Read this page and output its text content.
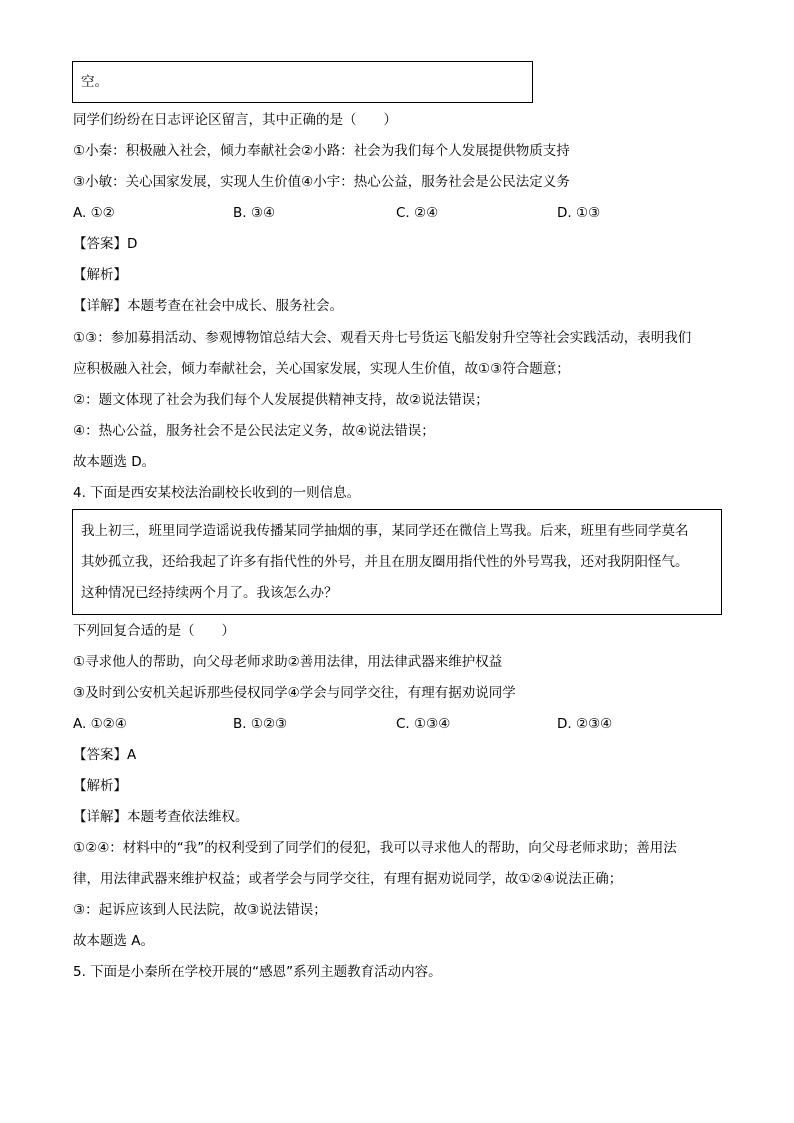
空。
同学们纷纷在日志评论区留言，其中正确的是（　　）
①小秦：积极融入社会，倾力奉献社会②小路：社会为我们每个人发展提供物质支持
③小敏：关心国家发展，实现人生价值④小宇：热心公益，服务社会是公民法定义务
A. ①②	B. ③④	C. ②④	D. ①③
【答案】D
【解析】
【详解】本题考查在社会中成长、服务社会。
①③：参加募捐活动、参观博物馆总结大会、观看天舟七号货运飞船发射升空等社会实践活动，表明我们
应积极融入社会，倾力奉献社会，关心国家发展，实现人生价值，故①③符合题意；
②：题文体现了社会为我们每个人发展提供精神支持，故②说法错误；
④：热心公益，服务社会不是公民法定义务，故④说法错误；
故本题选 D。
4. 下面是西安某校法治副校长收到的一则信息。
我上初三，班里同学造谣说我传播某同学抽烟的事，某同学还在微信上骂我。后来，班里有些同学莫名
其妙孤立我，还给我起了许多有指代性的外号，并且在朋友圈用指代性的外号骂我，还对我阴阳怪气。
这种情况已经持续两个月了。我该怎么办？
下列回复合适的是（　　）
①寻求他人的帮助，向父母老师求助②善用法律，用法律武器来维护权益
③及时到公安机关起诉那些侵权同学④学会与同学交往，有理有据劝说同学
A. ①②④	B. ①②③	C. ①③④	D. ②③④
【答案】A
【解析】
【详解】本题考查依法维权。
①②④：材料中的“我”的权利受到了同学们的侵犯，我可以寻求他人的帮助，向父母老师求助；善用法
律，用法律武器来维护权益；或者学会与同学交往，有理有据劝说同学，故①②④说法正确；
③：起诉应该到人民法院，故③说法错误；
故本题选 A。
5. 下面是小秦所在学校开展的“感恩”系列主题教育活动内容。
